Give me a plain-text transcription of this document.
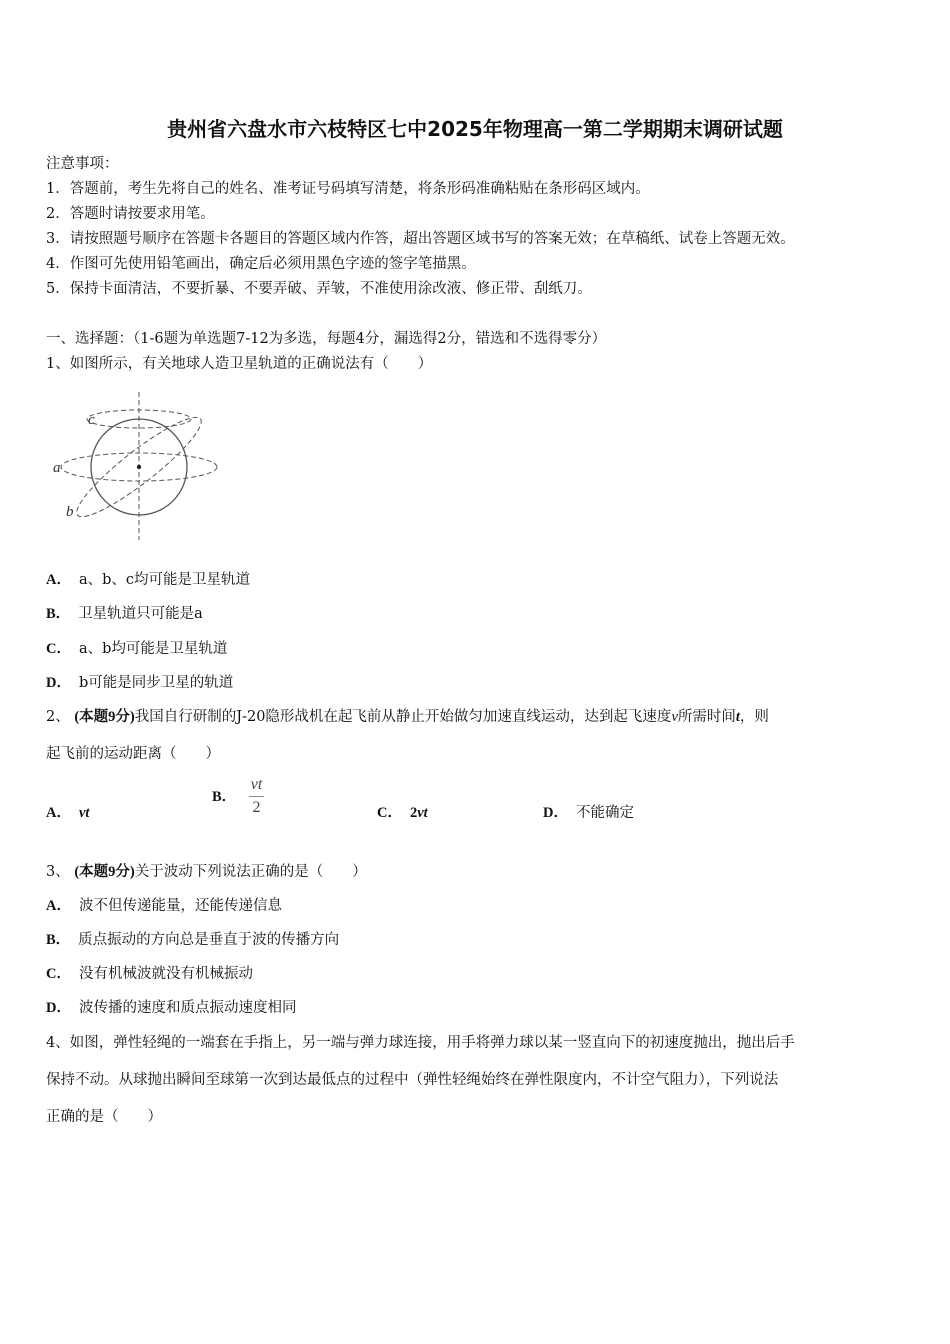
贵州省六盘水市六枝特区七中2025年物理高一第二学期期末调研试题
注意事项：
1．答题前，考生先将自己的姓名、准考证号码填写清楚，将条形码准确粘贴在条形码区域内。
2．答题时请按要求用笔。
3．请按照题号顺序在答题卡各题目的答题区域内作答，超出答题区域书写的答案无效；在草稿纸、试卷上答题无效。
4．作图可先使用铅笔画出，确定后必须用黑色字迹的签字笔描黑。
5．保持卡面清洁，不要折暴、不要弄破、弄皱，不准使用涂改液、修正带、刮纸刀。
一、选择题：（1-6题为单选题7-12为多选，每题4分，漏选得2分，错选和不选得零分）
1、如图所示，有关地球人造卫星轨道的正确说法有（　　）
c
a
b
A． a、b、c均可能是卫星轨道
B． 卫星轨道只可能是a
C． a、b均可能是卫星轨道
D． b可能是同步卫星的轨道
2、 (本题9分)我国自行研制的J-20隐形战机在起飞前从静止开始做匀加速直线运动，达到起飞速度v所需时间t，则
起飞前的运动距离（　　）
A． vt
B． $\frac{vt}{2}$	C． 2vt	D． 不能确定
3、 (本题9分)关于波动下列说法正确的是（　　）
A． 波不但传递能量，还能传递信息
B． 质点振动的方向总是垂直于波的传播方向
C． 没有机械波就没有机械振动
D． 波传播的速度和质点振动速度相同
4、如图，弹性轻绳的一端套在手指上，另一端与弹力球连接，用手将弹力球以某一竖直向下的初速度抛出，抛出后手
保持不动。从球抛出瞬间至球第一次到达最低点的过程中（弹性轻绳始终在弹性限度内，不计空气阻力），下列说法
正确的是（　　）
